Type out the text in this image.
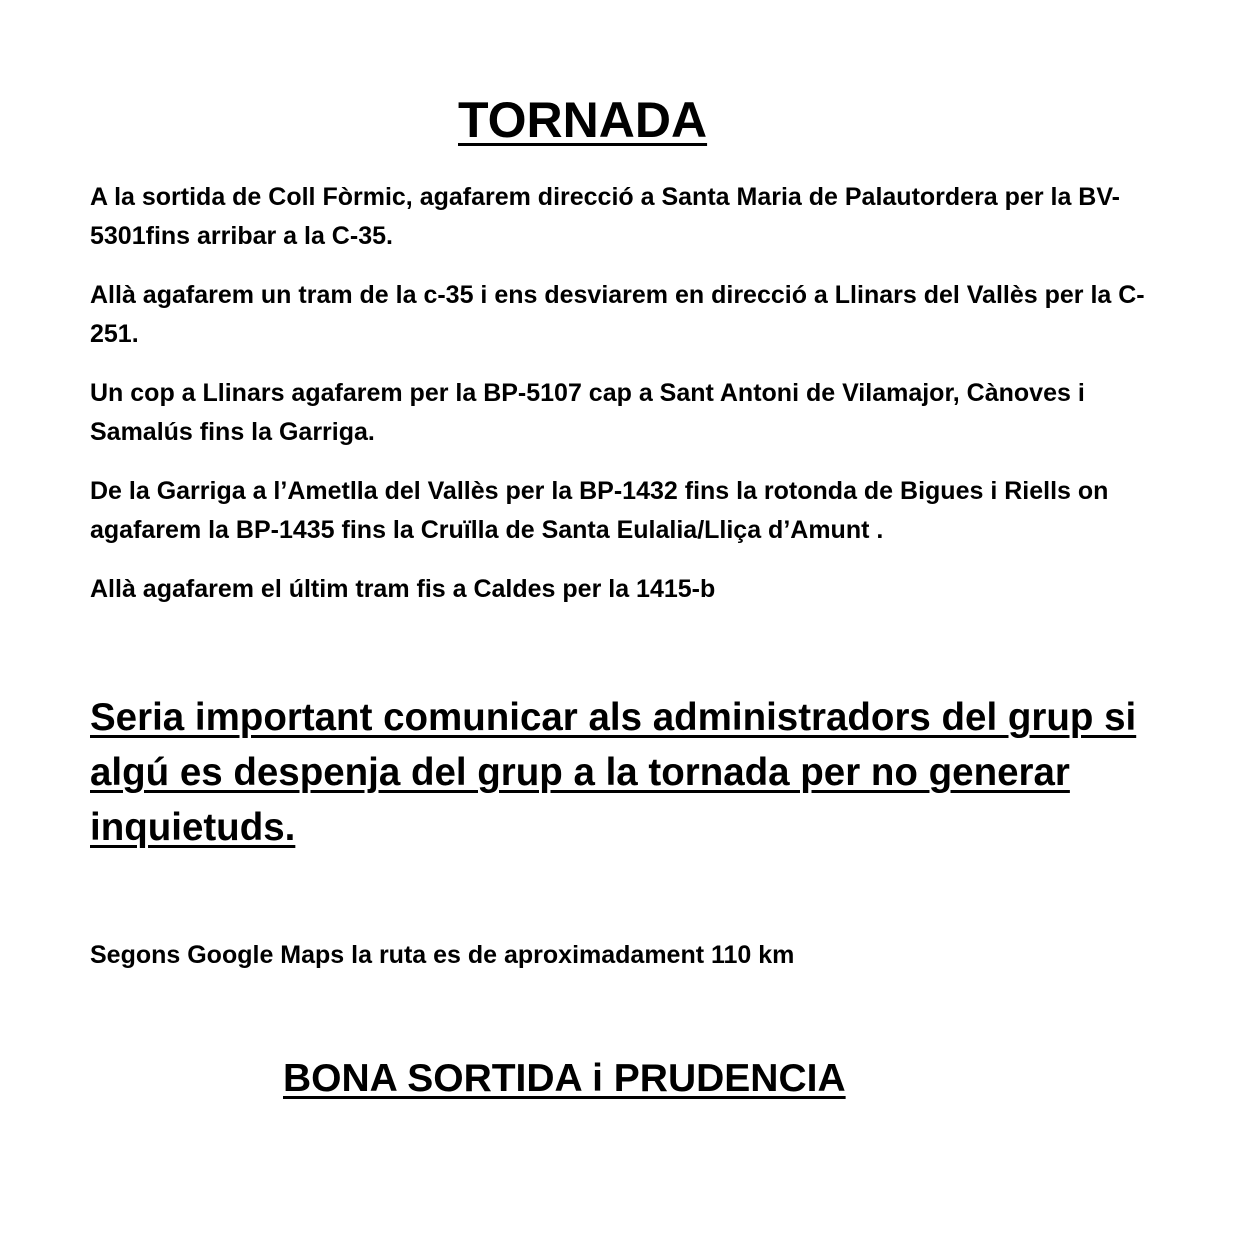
TORNADA

A la sortida de Coll Fòrmic, agafarem direcció a Santa Maria de Palautordera per la BV-5301fins arribar a la C-35.

Allà agafarem un tram de la c-35 i ens desviarem en direcció a Llinars del Vallès per la C-251.

Un cop a Llinars agafarem per la BP-5107 cap a Sant Antoni de Vilamajor, Cànoves i Samalús fins la Garriga.

De la Garriga a l’Ametlla del Vallès per la BP-1432 fins la rotonda de Bigues i Riells on agafarem la BP-1435 fins la Cruïlla de Santa Eulalia/Lliça d’Amunt .

Allà agafarem el últim tram fis a Caldes per la 1415-b

Seria important comunicar als administradors del grup si algú es despenja del grup a la tornada per no generar inquietuds.

Segons Google Maps la ruta es de aproximadament 110 km

BONA SORTIDA i PRUDENCIA
